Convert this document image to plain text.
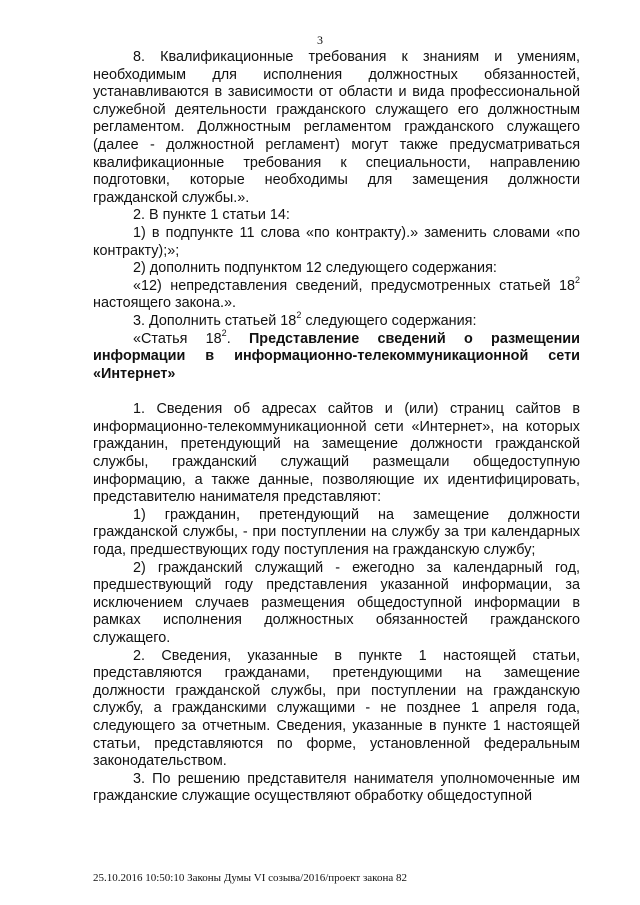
3

8. Квалификационные требования к знаниям и умениям, необходимым для исполнения должностных обязанностей, устанавливаются в зависимости от области и вида профессиональной служебной деятельности гражданского служащего его должностным регламентом. Должностным регламентом гражданского служащего (далее - должностной регламент) могут также предусматриваться квалификационные требования к специальности, направлению подготовки, которые необходимы для замещения должности гражданской службы.».

2. В пункте 1 статьи 14:

1) в подпункте 11 слова «по контракту).» заменить словами «по контракту);»;

2) дополнить подпунктом 12 следующего содержания:

«12) непредставления сведений, предусмотренных статьей $18^2$ настоящего закона.».

3. Дополнить статьей $18^2$ следующего содержания:

«Статья $18^2$. Представление сведений о размещении информации в информационно-телекоммуникационной сети «Интернет»

1. Сведения об адресах сайтов и (или) страниц сайтов в информационно-телекоммуникационной сети «Интернет», на которых гражданин, претендующий на замещение должности гражданской службы, гражданский служащий размещали общедоступную информацию, а также данные, позволяющие их идентифицировать, представителю нанимателя представляют:

1) гражданин, претендующий на замещение должности гражданской службы, - при поступлении на службу за три календарных года, предшествующих году поступления на гражданскую службу;

2) гражданский служащий - ежегодно за календарный год, предшествующий году представления указанной информации, за исключением случаев размещения общедоступной информации в рамках исполнения должностных обязанностей гражданского служащего.

2. Сведения, указанные в пункте 1 настоящей статьи, представляются гражданами, претендующими на замещение должности гражданской службы, при поступлении на гражданскую службу, а гражданскими служащими - не позднее 1 апреля года, следующего за отчетным. Сведения, указанные в пункте 1 настоящей статьи, представляются по форме, установленной федеральным законодательством.

3. По решению представителя нанимателя уполномоченные им гражданские служащие осуществляют обработку общедоступной

25.10.2016 10:50:10 Законы Думы VI созыва/2016/проект закона 82
